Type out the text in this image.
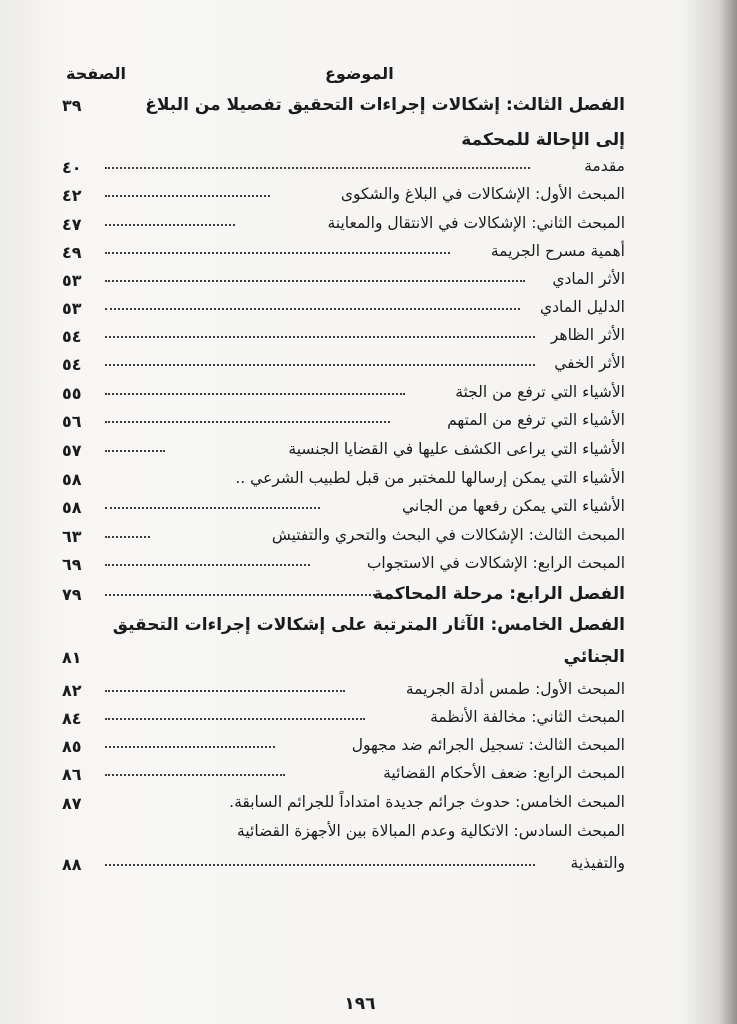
الصفحة	الموضوع
٣٩	الفصل الثالث: إشكالات إجراءات التحقيق تفصيلا من البلاغ
إلى الإحالة للمحكمة
٤٠	مقدمة
٤٢	المبحث الأول: الإشكالات في البلاغ والشكوى
٤٧	المبحث الثاني: الإشكالات في الانتقال والمعاينة
٤٩	أهمية مسرح الجريمة
٥٣	الأثر المادي
٥٣	الدليل المادي
٥٤	الأثر الظاهر
٥٤	الأثر الخفي
٥٥	الأشياء التي ترفع من الجثة
٥٦	الأشياء التي ترفع من المتهم
٥٧	الأشياء التي يراعى الكشف عليها في القضايا الجنسية
٥٨	الأشياء التي يمكن إرسالها للمختبر من قبل لطبيب الشرعي ..
٥٨	الأشياء التي يمكن رفعها من الجاني
٦٣	المبحث الثالث: الإشكالات في البحث والتحري والتفتيش
٦٩	المبحث الرابع: الإشكالات في الاستجواب
٧٩	الفصل الرابع: مرحلة المحاكمة
الفصل الخامس: الآثار المترتبة على إشكالات إجراءات التحقيق
٨١	الجنائي
٨٢	المبحث الأول: طمس أدلة الجريمة
٨٤	المبحث الثاني: مخالفة الأنظمة
٨٥	المبحث الثالث: تسجيل الجرائم ضد مجهول
٨٦	المبحث الرابع: ضعف الأحكام القضائية
٨٧	المبحث الخامس: حدوث جرائم جديدة امتداداً للجرائم السابقة.
المبحث السادس: الاتكالية وعدم المبالاة بين الأجهزة القضائية
٨٨	والتفيذية
١٩٦
